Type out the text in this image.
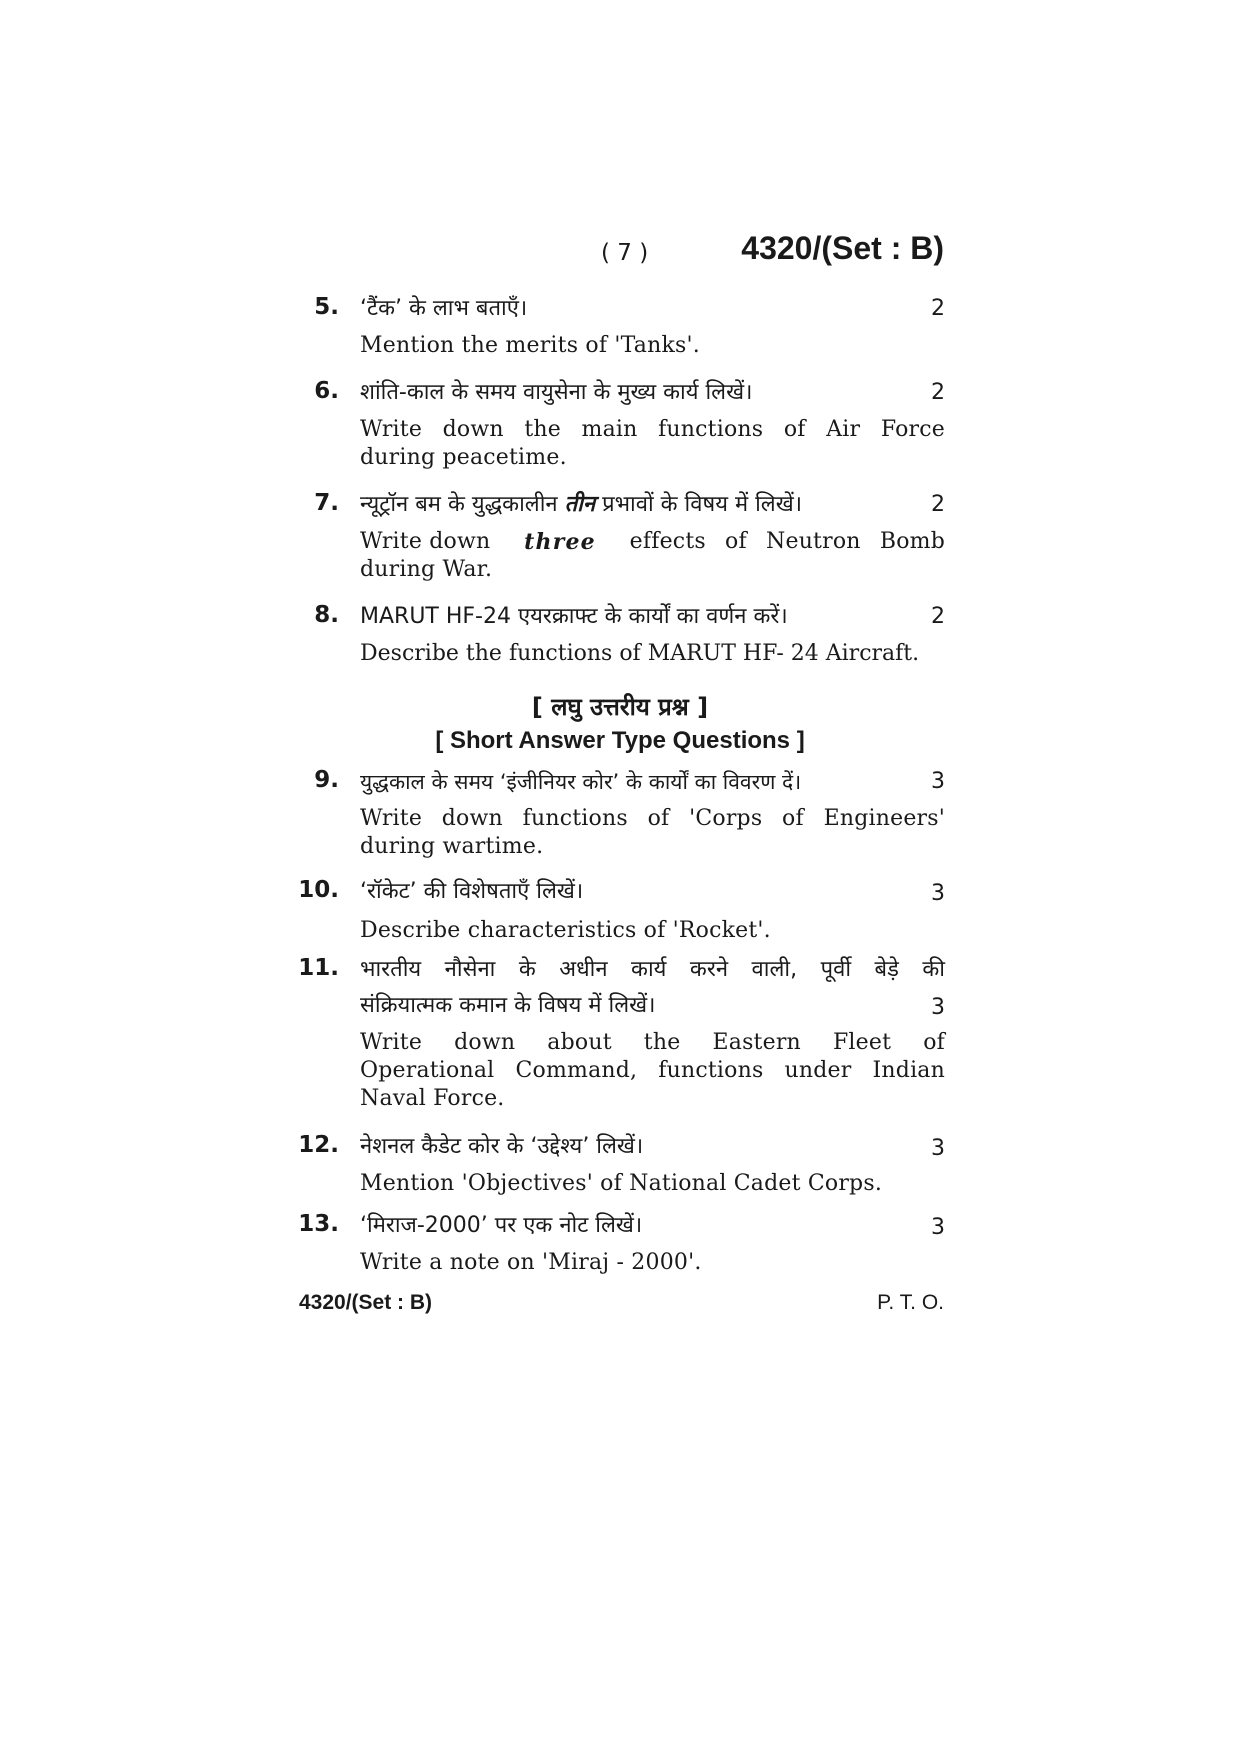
( 7 )	4320/(Set : B)
5. ‘टैंक’ के लाभ बताएँ।	2
Mention the merits of 'Tanks'.
6. शांति-काल के समय वायुसेना के मुख्य कार्य लिखें।	2
Write down the main functions of Air Force
during peacetime.
7. न्यूट्रॉन बम के युद्धकालीन तीन प्रभावों के विषय में लिखें।	2
Write down three effects of Neutron Bomb
during War.
8. MARUT HF-24 एयरक्राफ्ट के कार्यों का वर्णन करें।	2
Describe the functions of MARUT HF- 24 Aircraft.
[ लघु उत्तरीय प्रश्न ]
[ Short Answer Type Questions ]
9. युद्धकाल के समय ‘इंजीनियर कोर’ के कार्यों का विवरण दें।	3
Write down functions of 'Corps of Engineers'
during wartime.
10. ‘रॉकेट’ की विशेषताएँ लिखें।	3
Describe characteristics of 'Rocket'.
11. भारतीय नौसेना के अधीन कार्य करने वाली, पूर्वी बेड़े की
संक्रियात्मक कमान के विषय में लिखें।	3
Write down about the Eastern Fleet of
Operational Command, functions under Indian
Naval Force.
12. नेशनल कैडेट कोर के ‘उद्देश्य’ लिखें।	3
Mention 'Objectives' of National Cadet Corps.
13. ‘मिराज-2000’ पर एक नोट लिखें।	3
Write a note on 'Miraj - 2000'.
4320/(Set : B)	P. T. O.
